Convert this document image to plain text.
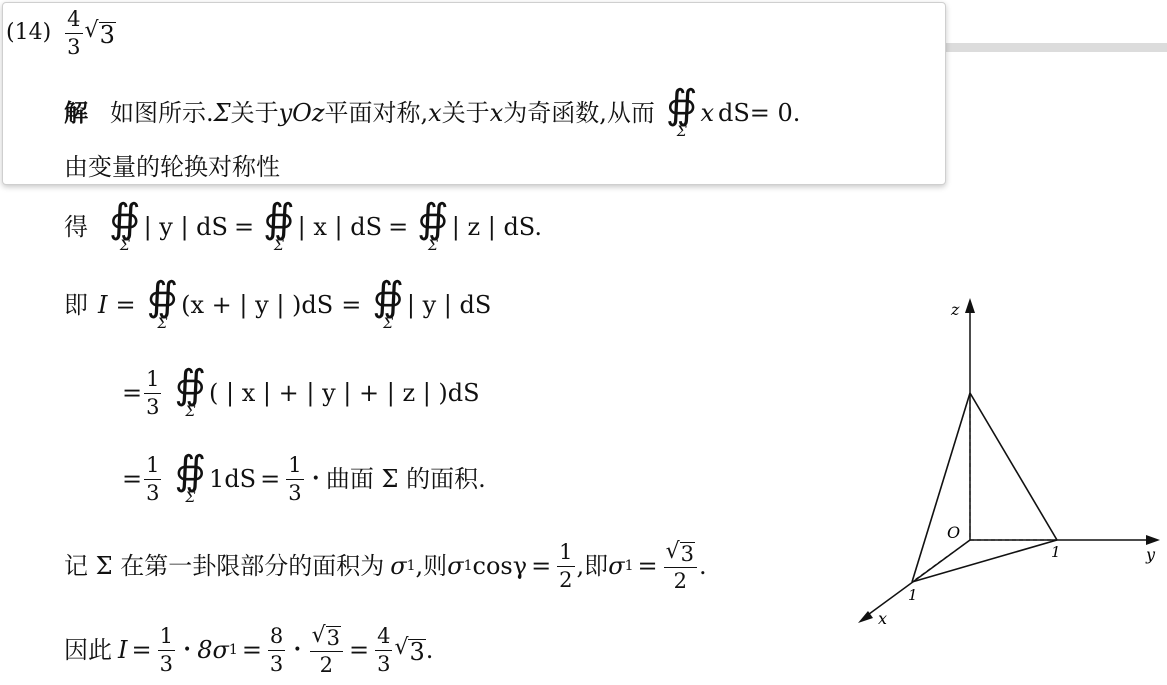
$(14) \frac{4}{3}$ √ 3
解 如图所示. Σ 关于 yOz 平面对称, x 关于 x 为奇函数,从而 ∯
Σ
x dS = 0.
由变量的轮换对称性
得 ∯
Σ
| y | dS = ∯
Σ
| x | dS = ∯
Σ
| z | dS.
即 I = ∯
Σ
(x + | y | )dS = ∯
Σ
| y | dS
= $\frac{1}{3}$ ∯
Σ
( | x | + | y | + | z | )dS
= $\frac{1}{3}$ ∯
Σ
$1dS = \frac{1}{3}$ • 曲面 Σ 的面积.
记 Σ 在第一卦限部分的面积为 σ 1 ,则 σ 1 $\cos\gamma = \frac{1}{2}$ ,即 σ $1 = \frac{√ 3}{2}$ .
因此 $I = \frac{1}{3}$ • 8σ $1 = \frac{8}{3}$ • $\frac{√ 3}{2} = \frac{4}{3}$ √ 3 .
z
y
x
O
1
1
